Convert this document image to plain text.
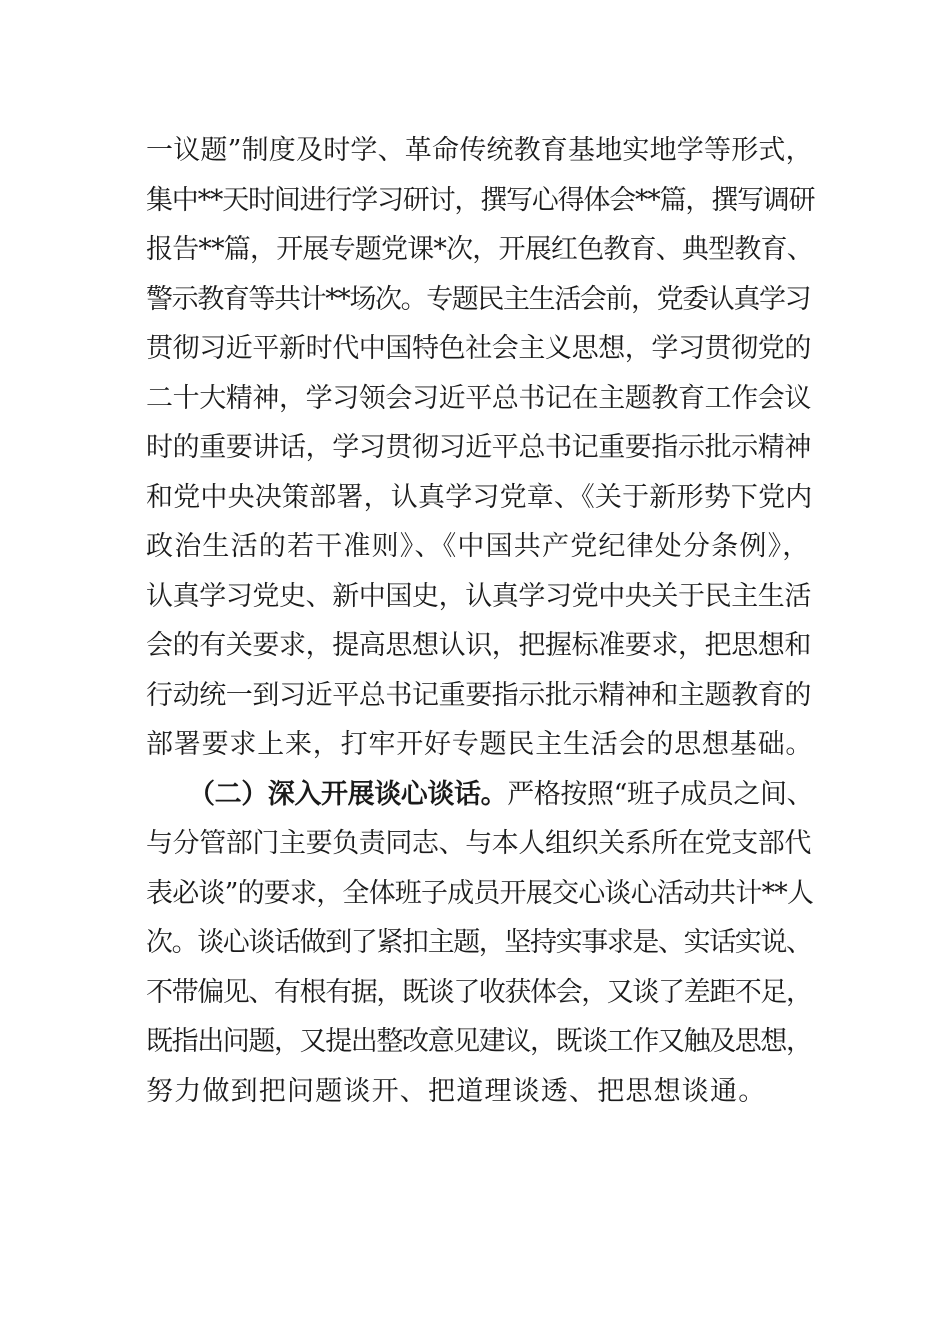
一议题”制度及时学、革命传统教育基地实地学等形式，
集中**天时间进行学习研讨，撰写心得体会**篇，撰写调研
报告**篇，开展专题党课*次，开展红色教育、典型教育、
警示教育等共计**场次。专题民主生活会前，党委认真学习
贯彻习近平新时代中国特色社会主义思想，学习贯彻党的
二十大精神，学习领会习近平总书记在主题教育工作会议
时的重要讲话，学习贯彻习近平总书记重要指示批示精神
和党中央决策部署，认真学习党章、《关于新形势下党内
政治生活的若干准则》、《中国共产党纪律处分条例》，
认真学习党史、新中国史，认真学习党中央关于民主生活
会的有关要求，提高思想认识，把握标准要求，把思想和
行动统一到习近平总书记重要指示批示精神和主题教育的
部署要求上来，打牢开好专题民主生活会的思想基础。
（二）深入开展谈心谈话。严格按照“班子成员之间、
与分管部门主要负责同志、与本人组织关系所在党支部代
表必谈”的要求，全体班子成员开展交心谈心活动共计**人
次。谈心谈话做到了紧扣主题，坚持实事求是、实话实说、
不带偏见、有根有据，既谈了收获体会，又谈了差距不足，
既指出问题，又提出整改意见建议，既谈工作又触及思想，
努力做到把问题谈开、把道理谈透、把思想谈通。
